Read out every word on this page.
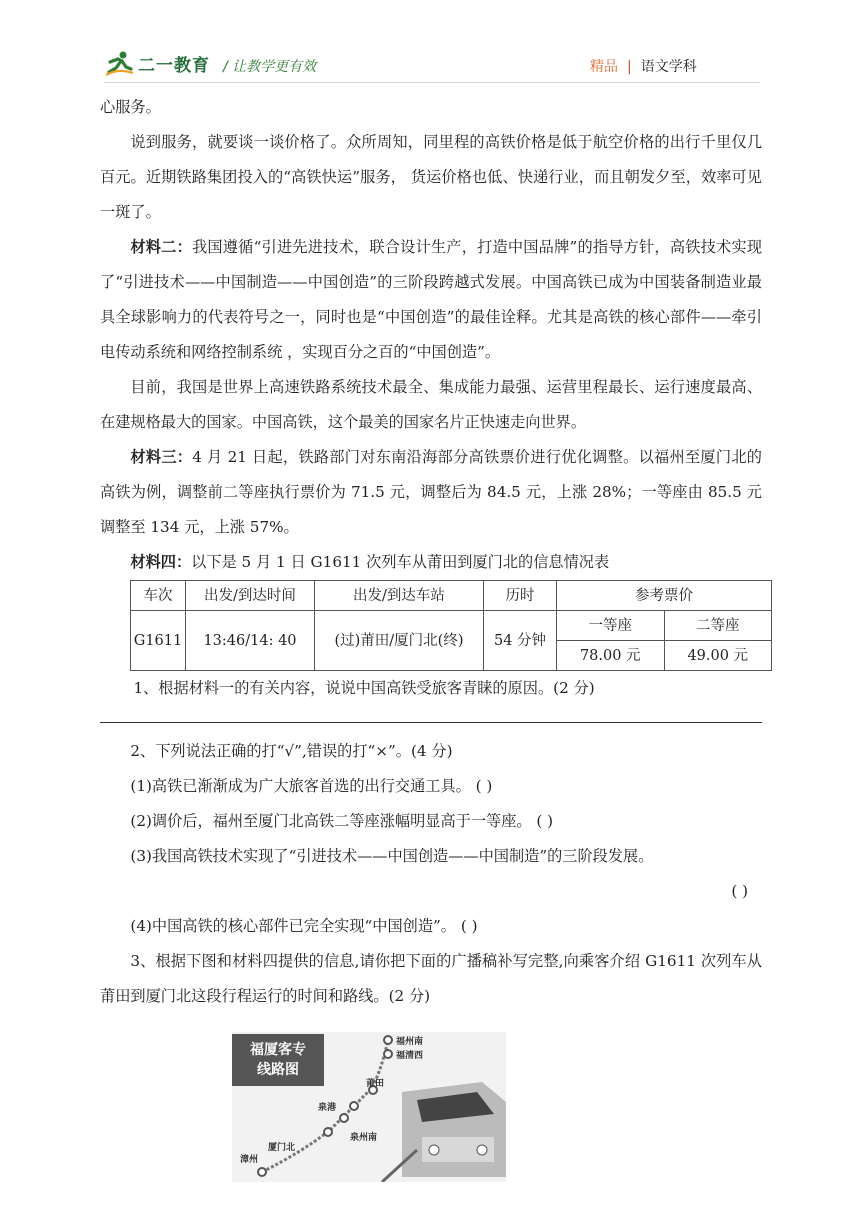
二一教育 / 让教学更有效	精品 | 语文学科

心服务。

说到服务，就要谈一谈价格了。众所周知，同里程的高铁价格是低于航空价格的出行千里仅几百元。近期铁路集团投入的“高铁快运”服务， 货运价格也低、快递行业，而且朝发夕至，效率可见一斑了。

材料二：我国遵循“引进先进技术，联合设计生产，打造中国品牌”的指导方针，高铁技术实现了“引进技术——中国制造——中国创造”的三阶段跨越式发展。中国高铁已成为中国装备制造业最具全球影响力的代表符号之一，同时也是“中国创造”的最佳诠释。尤其是高铁的核心部件——牵引电传动系统和网络控制系统 ，实现百分之百的“中国创造”。

目前，我国是世界上高速铁路系统技术最全、集成能力最强、运营里程最长、运行速度最高、在建规格最大的国家。中国高铁，这个最美的国家名片正快速走向世界。

材料三：4 月 21 日起，铁路部门对东南沿海部分高铁票价进行优化调整。以福州至厦门北的高铁为例，调整前二等座执行票价为 71.5 元，调整后为 84.5 元，上涨 28%；一等座由 85.5 元调整至 134 元，上涨 57%。

材料四：以下是 5 月 1 日 G1611 次列车从莆田到厦门北的信息情况表

车次	出发/到达时间	出发/到达车站	历时	参考票价	
G1611	13:46/14: 40	(过)莆田/厦门北(终)	54 分钟	一等座	二等座
				78.00 元	49.00 元

1、根据材料一的有关内容，说说中国高铁受旅客青睐的原因。(2 分)

2、下列说法正确的打“√”,错误的打“×”。(4 分)

(1)高铁已渐渐成为广大旅客首选的出行交通工具。 ( )

(2)调价后，福州至厦门北高铁二等座涨幅明显高于一等座。 ( )

(3)我国高铁技术实现了“引进技术——中国创造——中国制造”的三阶段发展。

( )

(4)中国高铁的核心部件已完全实现“中国创造”。 ( )

3、根据下图和材料四提供的信息,请你把下面的广播稿补写完整,向乘客介绍 G1611 次列车从莆田到厦门北这段行程运行的时间和路线。(2 分)

福厦客专
线路图
福州南
福清西
莆田
泉港
泉州南
厦门北
漳州
